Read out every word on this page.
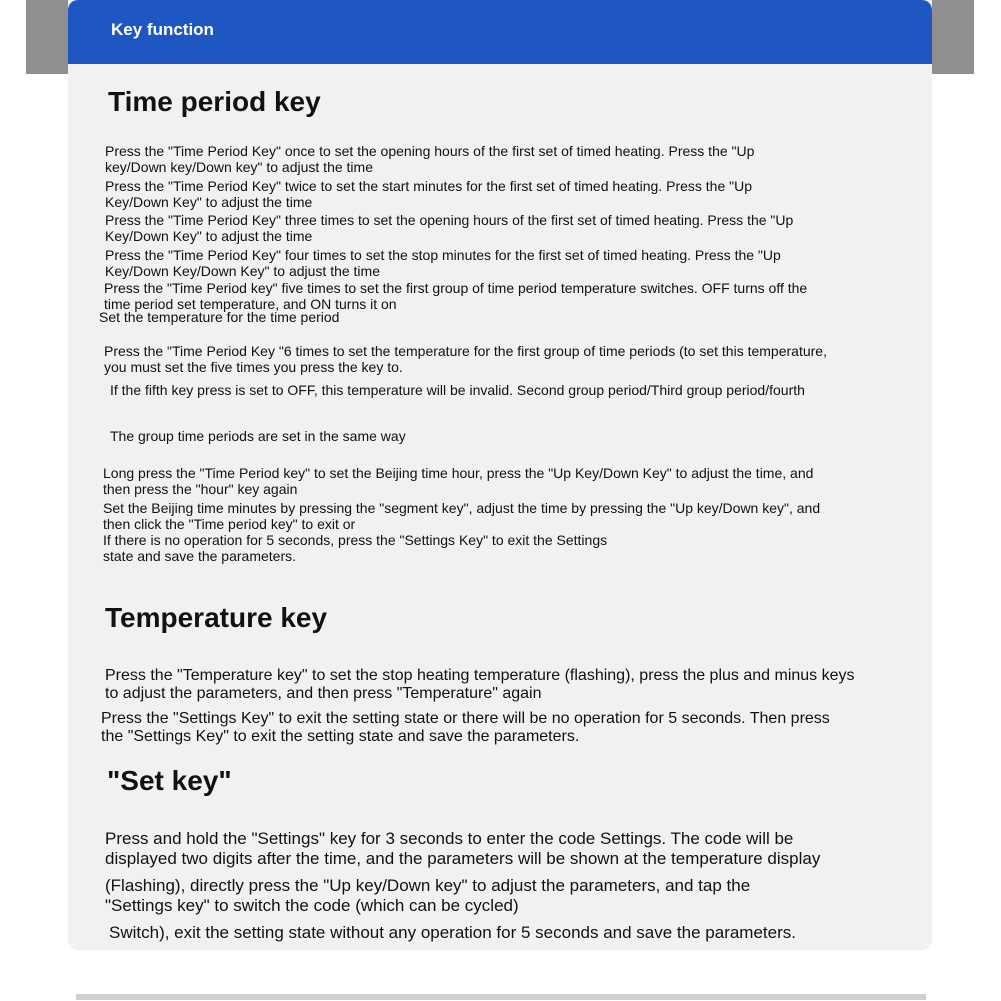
Key function
Time period key
Press the "Time Period Key" once to set the opening hours of the first set of timed heating. Press the "Up
key/Down key/Down key" to adjust the time
Press the "Time Period Key" twice to set the start minutes for the first set of timed heating. Press the "Up
Key/Down Key" to adjust the time
Press the "Time Period Key" three times to set the opening hours of the first set of timed heating. Press the "Up
Key/Down Key" to adjust the time
Press the "Time Period Key" four times to set the stop minutes for the first set of timed heating. Press the "Up
Key/Down Key/Down Key" to adjust the time
Press the "Time Period key" five times to set the first group of time period temperature switches. OFF turns off the
time period set temperature, and ON turns it on
Set the temperature for the time period
Press the "Time Period Key "6 times to set the temperature for the first group of time periods (to set this temperature,
you must set the five times you press the key to.
If the fifth key press is set to OFF, this temperature will be invalid. Second group period/Third group period/fourth
The group time periods are set in the same way
Long press the "Time Period key" to set the Beijing time hour, press the "Up Key/Down Key" to adjust the time, and
then press the "hour" key again
Set the Beijing time minutes by pressing the "segment key", adjust the time by pressing the "Up key/Down key", and
then click the "Time period key" to exit or
If there is no operation for 5 seconds, press the "Settings Key" to exit the Settings
state and save the parameters.
Temperature key
Press the "Temperature key" to set the stop heating temperature (flashing), press the plus and minus keys
to adjust the parameters, and then press "Temperature" again
Press the "Settings Key" to exit the setting state or there will be no operation for 5 seconds. Then press
the "Settings Key" to exit the setting state and save the parameters.
"Set key"
Press and hold the "Settings" key for 3 seconds to enter the code Settings. The code will be
displayed two digits after the time, and the parameters will be shown at the temperature display
(Flashing), directly press the "Up key/Down key" to adjust the parameters, and tap the
"Settings key" to switch the code (which can be cycled)
Switch), exit the setting state without any operation for 5 seconds and save the parameters.
